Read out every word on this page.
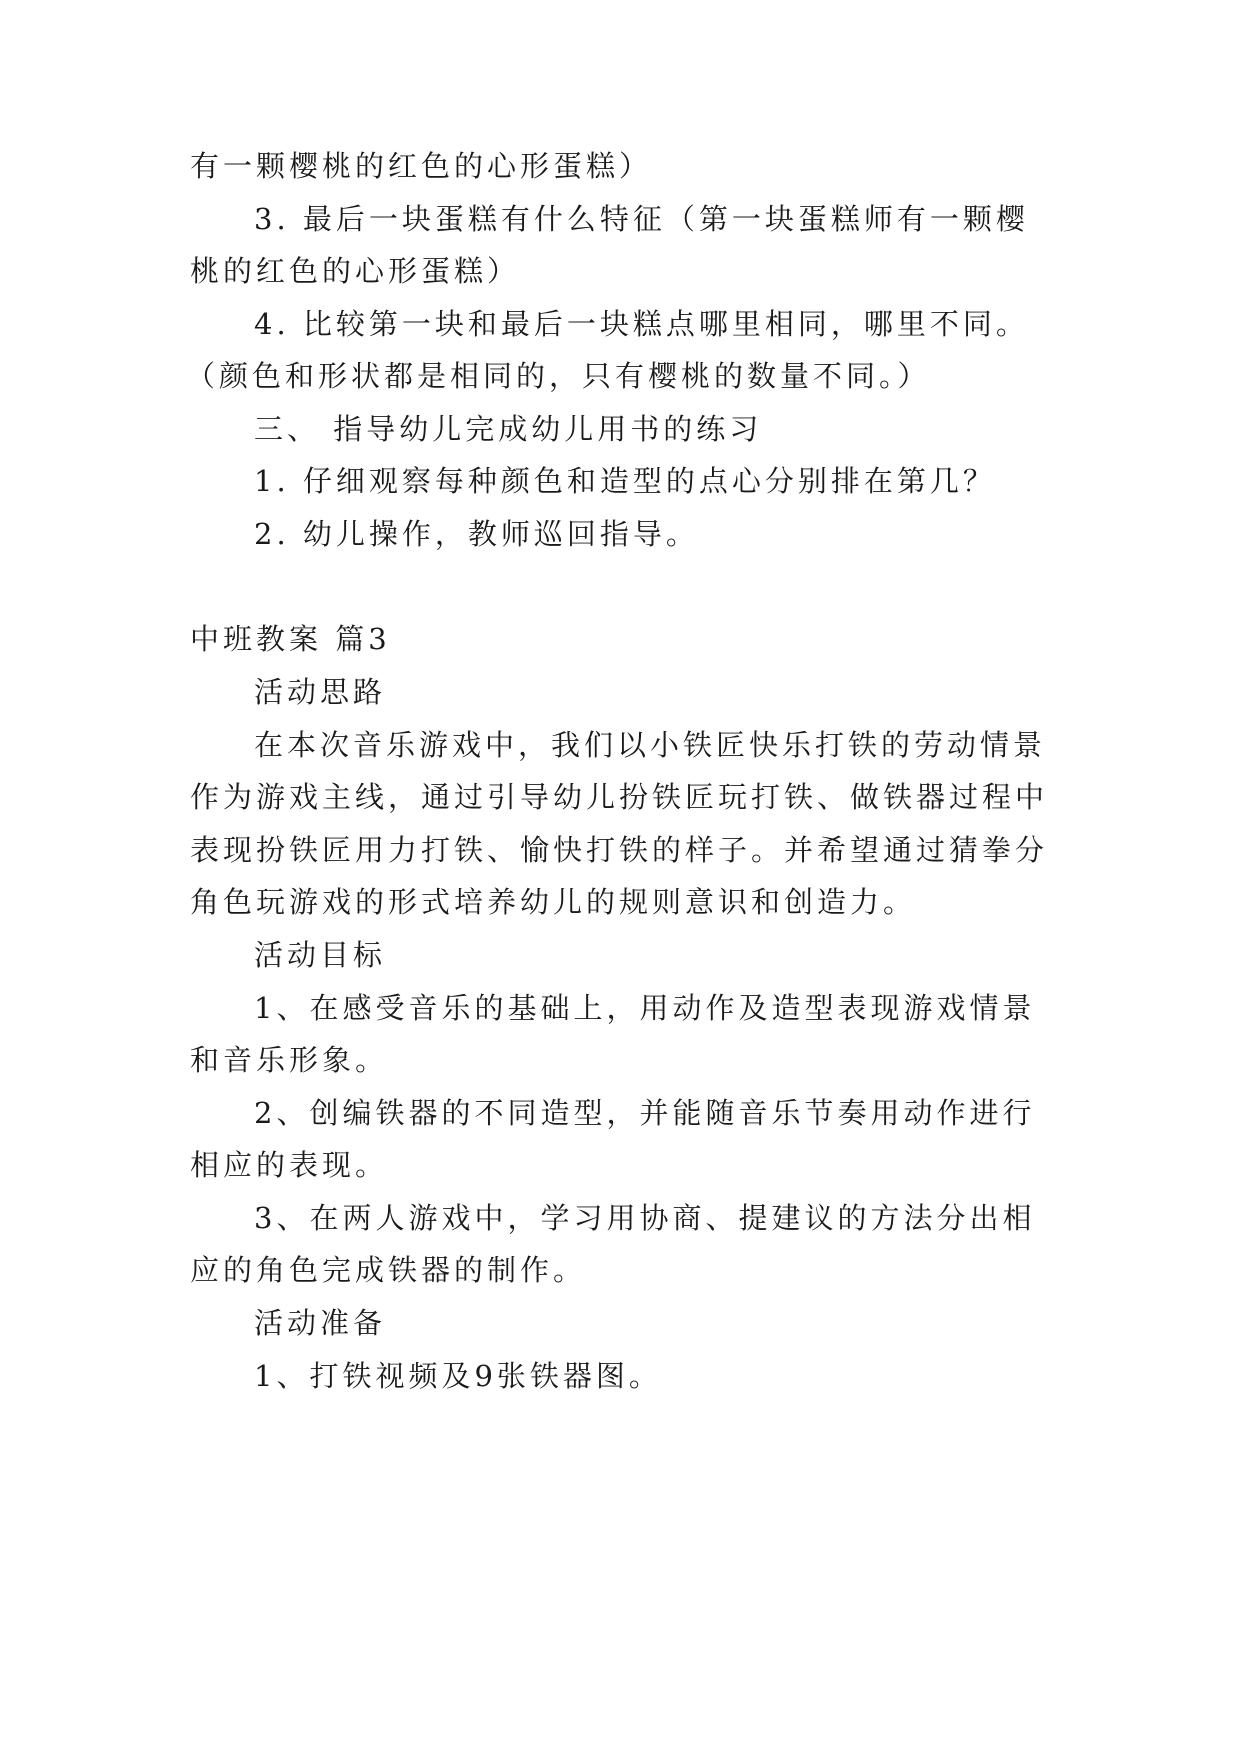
有一颗樱桃的红色的心形蛋糕）
3. 最后一块蛋糕有什么特征（第一块蛋糕师有一颗樱
桃的红色的心形蛋糕）
4. 比较第一块和最后一块糕点哪里相同，哪里不同。
（颜色和形状都是相同的，只有樱桃的数量不同。）
三、 指导幼儿完成幼儿用书的练习
1. 仔细观察每种颜色和造型的点心分别排在第几？
2. 幼儿操作，教师巡回指导。
中班教案 篇3
活动思路
在本次音乐游戏中，我们以小铁匠快乐打铁的劳动情景
作为游戏主线，通过引导幼儿扮铁匠玩打铁、做铁器过程中
表现扮铁匠用力打铁、愉快打铁的样子。并希望通过猜拳分
角色玩游戏的形式培养幼儿的规则意识和创造力。
活动目标
1、在感受音乐的基础上，用动作及造型表现游戏情景
和音乐形象。
2、创编铁器的不同造型，并能随音乐节奏用动作进行
相应的表现。
3、在两人游戏中，学习用协商、提建议的方法分出相
应的角色完成铁器的制作。
活动准备
1、打铁视频及9张铁器图。
